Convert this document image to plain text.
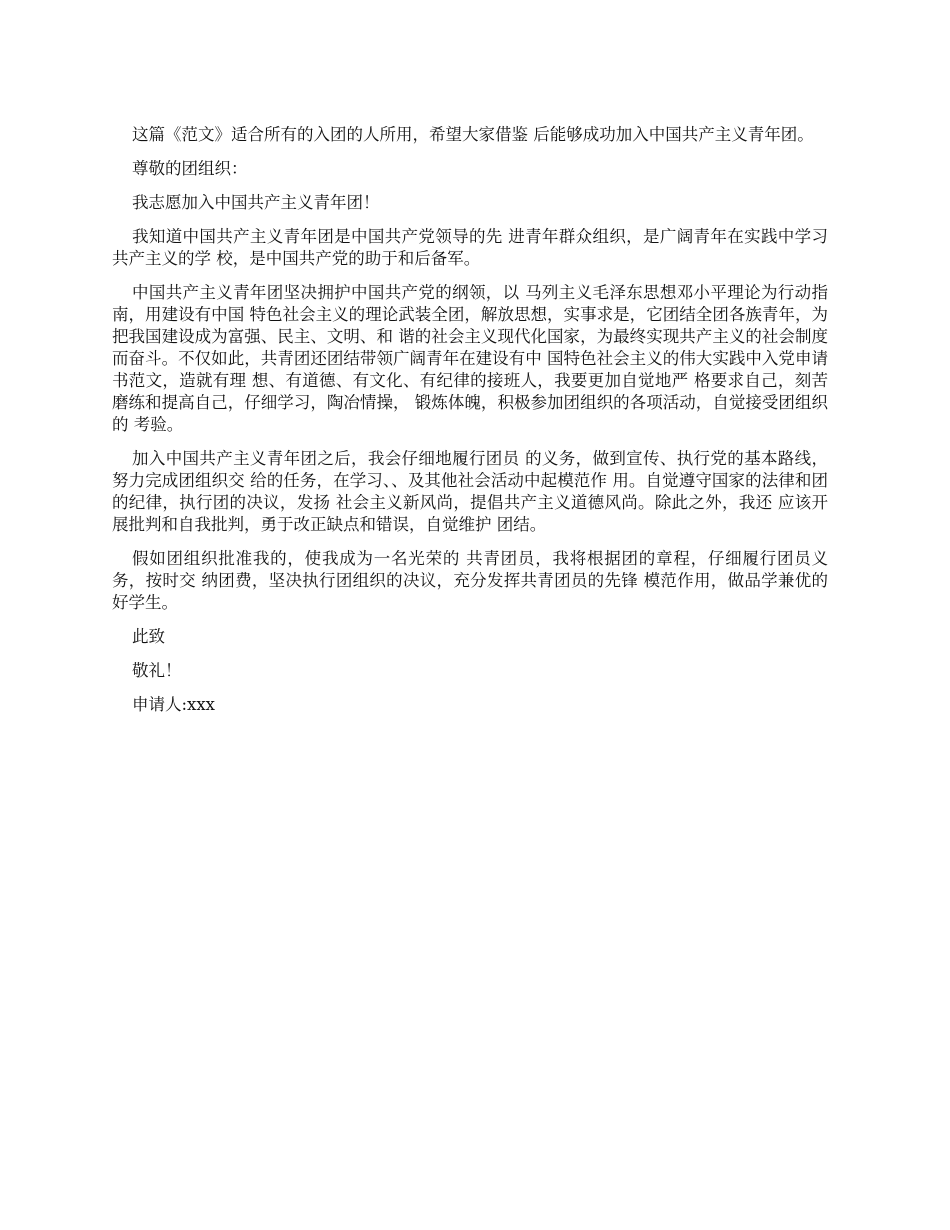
这篇《范文》适合所有的入团的人所用，希望大家借鉴 后能够成功加入中国共产主义青年团。

尊敬的团组织：

我志愿加入中国共产主义青年团！

我知道中国共产主义青年团是中国共产党领导的先 进青年群众组织，是广阔青年在实践中学习共产主义的学 校，是中国共产党的助于和后备军。

中国共产主义青年团坚决拥护中国共产党的纲领，以 马列主义毛泽东思想邓小平理论为行动指南，用建设有中国 特色社会主义的理论武装全团，解放思想，实事求是，它团结全团各族青年，为把我国建设成为富强、民主、文明、和 谐的社会主义现代化国家，为最终实现共产主义的社会制度 而奋斗。不仅如此，共青团还团结带领广阔青年在建设有中 国特色社会主义的伟大实践中入党申请书范文，造就有理 想、有道德、有文化、有纪律的接班人，我要更加自觉地严 格要求自己，刻苦磨练和提高自己，仔细学习，陶冶情操， 锻炼体魄，积极参加团组织的各项活动，自觉接受团组织的 考验。

加入中国共产主义青年团之后，我会仔细地履行团员 的义务，做到宣传、执行党的基本路线，努力完成团组织交 给的任务，在学习、、及其他社会活动中起模范作 用。自觉遵守国家的法律和团的纪律，执行团的决议，发扬 社会主义新风尚，提倡共产主义道德风尚。除此之外，我还 应该开展批判和自我批判，勇于改正缺点和错误，自觉维护 团结。

假如团组织批准我的，使我成为一名光荣的 共青团员，我将根据团的章程，仔细履行团员义务，按时交 纳团费，坚决执行团组织的决议，充分发挥共青团员的先锋 模范作用，做品学兼优的好学生。

此致

敬礼！

申请人:xxx
